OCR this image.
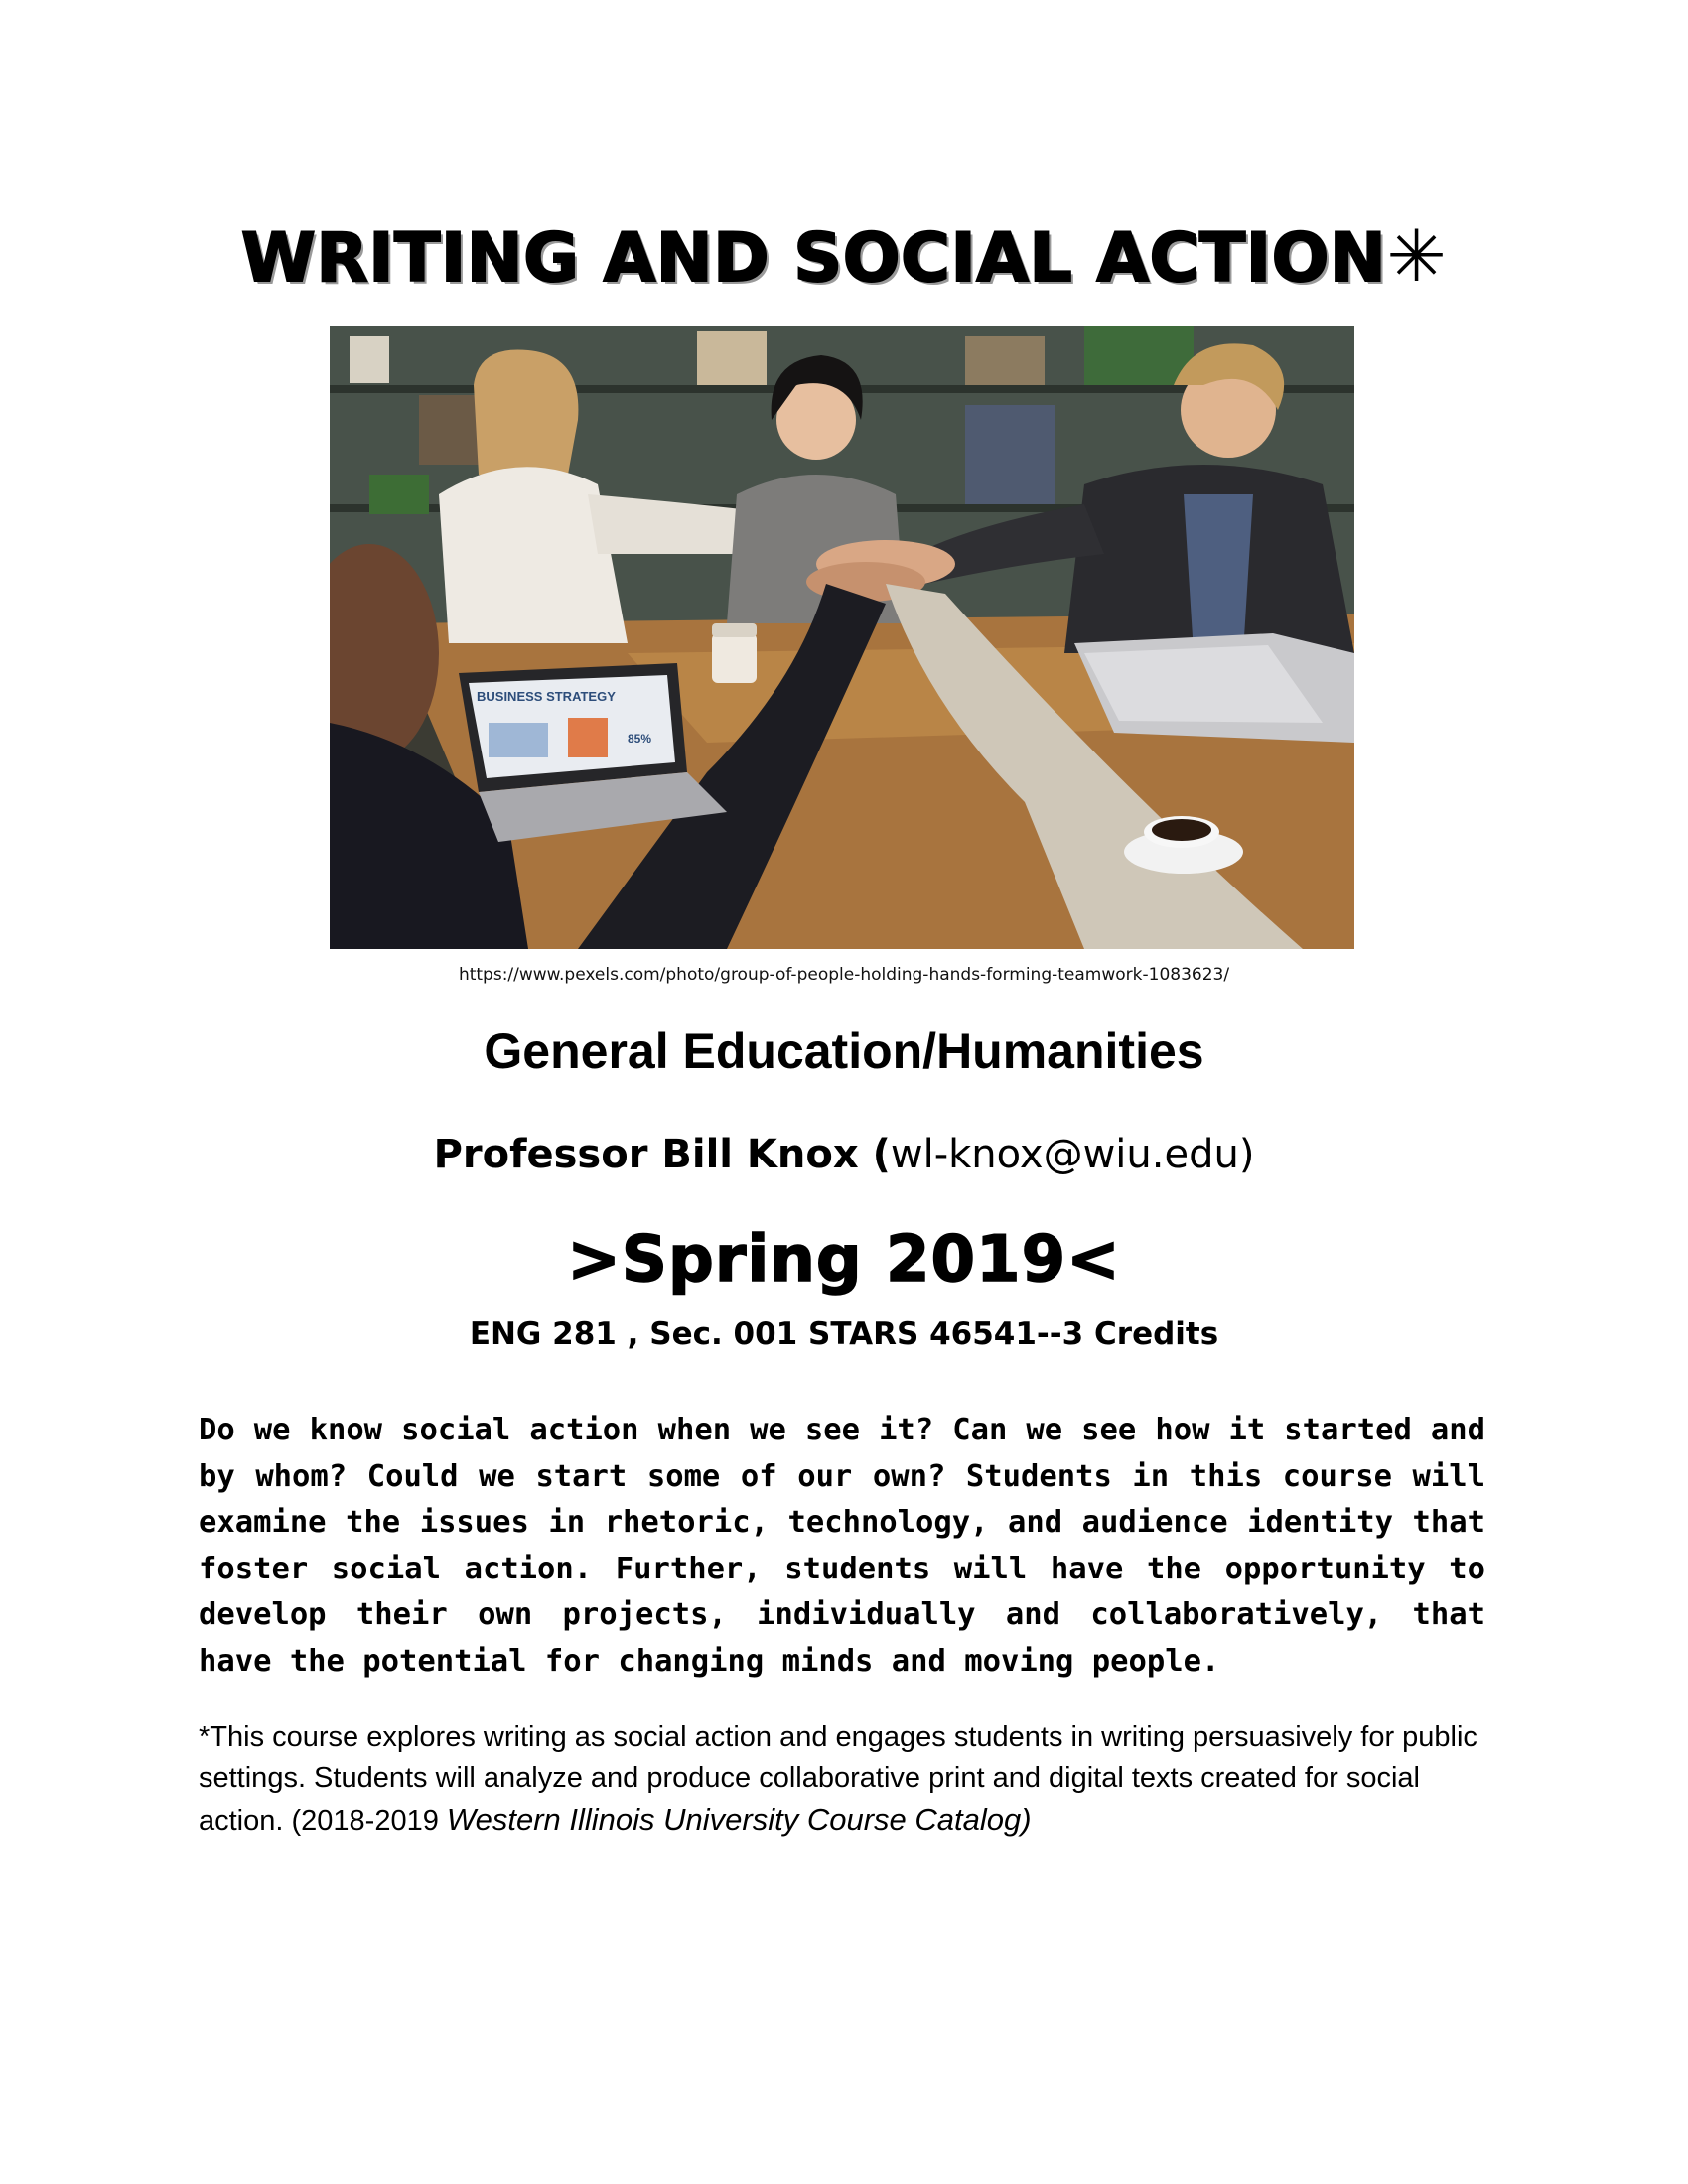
WRITING AND SOCIAL ACTION✳
BUSINESS STRATEGY
85%
https://www.pexels.com/photo/group-of-people-holding-hands-forming-teamwork-1083623/
General Education/Humanities
Professor Bill Knox (wl-knox@wiu.edu)
>Spring 2019<
ENG 281 , Sec. 001 STARS 46541--3 Credits
Do we know social action when we see it? Can we see how it started and by whom? Could we start some of our own? Students in this course will examine the issues in rhetoric, technology, and audience identity that foster social action. Further, students will have the opportunity to develop their own projects, individually and collaboratively, that have the potential for changing minds and moving people.
*This course explores writing as social action and engages students in writing persuasively for public settings. Students will analyze and produce collaborative print and digital texts created for social action. (2018-2019 Western Illinois University Course Catalog)
